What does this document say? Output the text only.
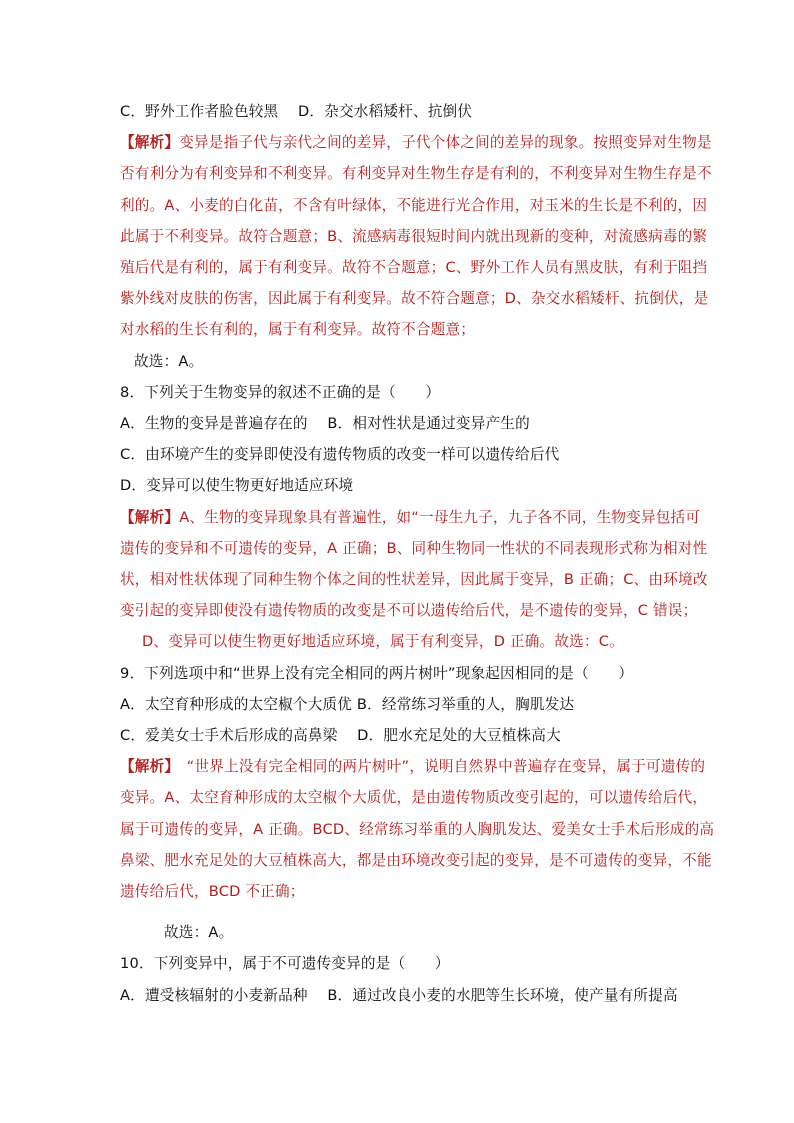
C．野外工作者脸色较黑　 D．杂交水稻矮杆、抗倒伏
【解析】变异是指子代与亲代之间的差异，子代个体之间的差异的现象。按照变异对生物是
否有利分为有利变异和不利变异。有利变异对生物生存是有利的，不利变异对生物生存是不
利的。A、小麦的白化苗，不含有叶绿体，不能进行光合作用，对玉米的生长是不利的，因
此属于不利变异。故符合题意；B、流感病毒很短时间内就出现新的变种，对流感病毒的繁
殖后代是有利的，属于有利变异。故符不合题意；C、野外工作人员有黑皮肤，有利于阻挡
紫外线对皮肤的伤害，因此属于有利变异。故不符合题意；D、杂交水稻矮杆、抗倒伏，是
对水稻的生长有利的，属于有利变异。故符不合题意；
故选：A。
8．下列关于生物变异的叙述不正确的是（　　）
A．生物的变异是普遍存在的　 B．相对性状是通过变异产生的
C．由环境产生的变异即使没有遗传物质的改变一样可以遗传给后代
D．变异可以使生物更好地适应环境
【解析】A、生物的变异现象具有普遍性，如“一母生九子，九子各不同，生物变异包括可
遗传的变异和不可遗传的变异，A 正确；B、同种生物同一性状的不同表现形式称为相对性
状，相对性状体现了同种生物个体之间的性状差异，因此属于变异，B 正确；C、由环境改
变引起的变异即使没有遗传物质的改变是不可以遗传给后代，是不遗传的变异，C 错误；
D、变异可以使生物更好地适应环境，属于有利变异，D 正确。故选：C。
9．下列选项中和“世界上没有完全相同的两片树叶”现象起因相同的是（　　）
A．太空育种形成的太空椒个大质优 B．经常练习举重的人，胸肌发达
C．爱美女士手术后形成的高鼻梁　 D．肥水充足处的大豆植株高大
【解析】　“世界上没有完全相同的两片树叶”，说明自然界中普遍存在变异，属于可遗传的
变异。A、太空育种形成的太空椒个大质优，是由遗传物质改变引起的，可以遗传给后代，
属于可遗传的变异，A 正确。BCD、经常练习举重的人胸肌发达、爱美女士手术后形成的高
鼻梁、肥水充足处的大豆植株高大，都是由环境改变引起的变异，是不可遗传的变异，不能
遗传给后代，BCD 不正确；
故选：A。
10．下列变异中，属于不可遗传变异的是（　　）
A．遭受核辐射的小麦新品种　 B．通过改良小麦的水肥等生长环境，使产量有所提高
